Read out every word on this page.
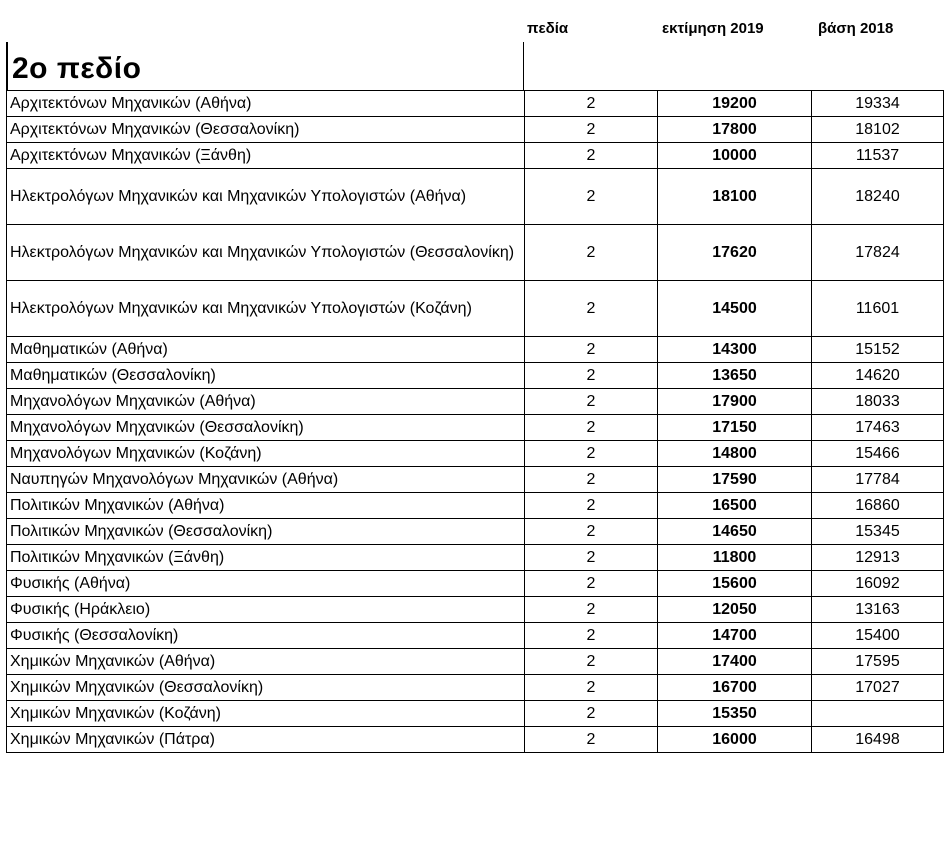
πεδία	εκτίμηση 2019	βάση 2018
2ο πεδίο
Αρχιτεκτόνων Μηχανικών (Αθήνα)	2	19200	19334
Αρχιτεκτόνων Μηχανικών (Θεσσαλονίκη)	2	17800	18102
Αρχιτεκτόνων Μηχανικών (Ξάνθη)	2	10000	11537
Ηλεκτρολόγων Μηχανικών και Μηχανικών Υπολογιστών (Αθήνα)	2	18100	18240
Ηλεκτρολόγων Μηχανικών και Μηχανικών Υπολογιστών (Θεσσαλονίκη)	2	17620	17824
Ηλεκτρολόγων Μηχανικών και Μηχανικών Υπολογιστών (Κοζάνη)	2	14500	11601
Μαθηματικών (Αθήνα)	2	14300	15152
Μαθηματικών (Θεσσαλονίκη)	2	13650	14620
Μηχανολόγων Μηχανικών (Αθήνα)	2	17900	18033
Μηχανολόγων Μηχανικών (Θεσσαλονίκη)	2	17150	17463
Μηχανολόγων Μηχανικών (Κοζάνη)	2	14800	15466
Ναυπηγών Μηχανολόγων Μηχανικών (Αθήνα)	2	17590	17784
Πολιτικών Μηχανικών (Αθήνα)	2	16500	16860
Πολιτικών Μηχανικών (Θεσσαλονίκη)	2	14650	15345
Πολιτικών Μηχανικών (Ξάνθη)	2	11800	12913
Φυσικής (Αθήνα)	2	15600	16092
Φυσικής (Ηράκλειο)	2	12050	13163
Φυσικής (Θεσσαλονίκη)	2	14700	15400
Χημικών Μηχανικών (Αθήνα)	2	17400	17595
Χημικών Μηχανικών (Θεσσαλονίκη)	2	16700	17027
Χημικών Μηχανικών (Κοζάνη)	2	15350	
Χημικών Μηχανικών (Πάτρα)	2	16000	16498
